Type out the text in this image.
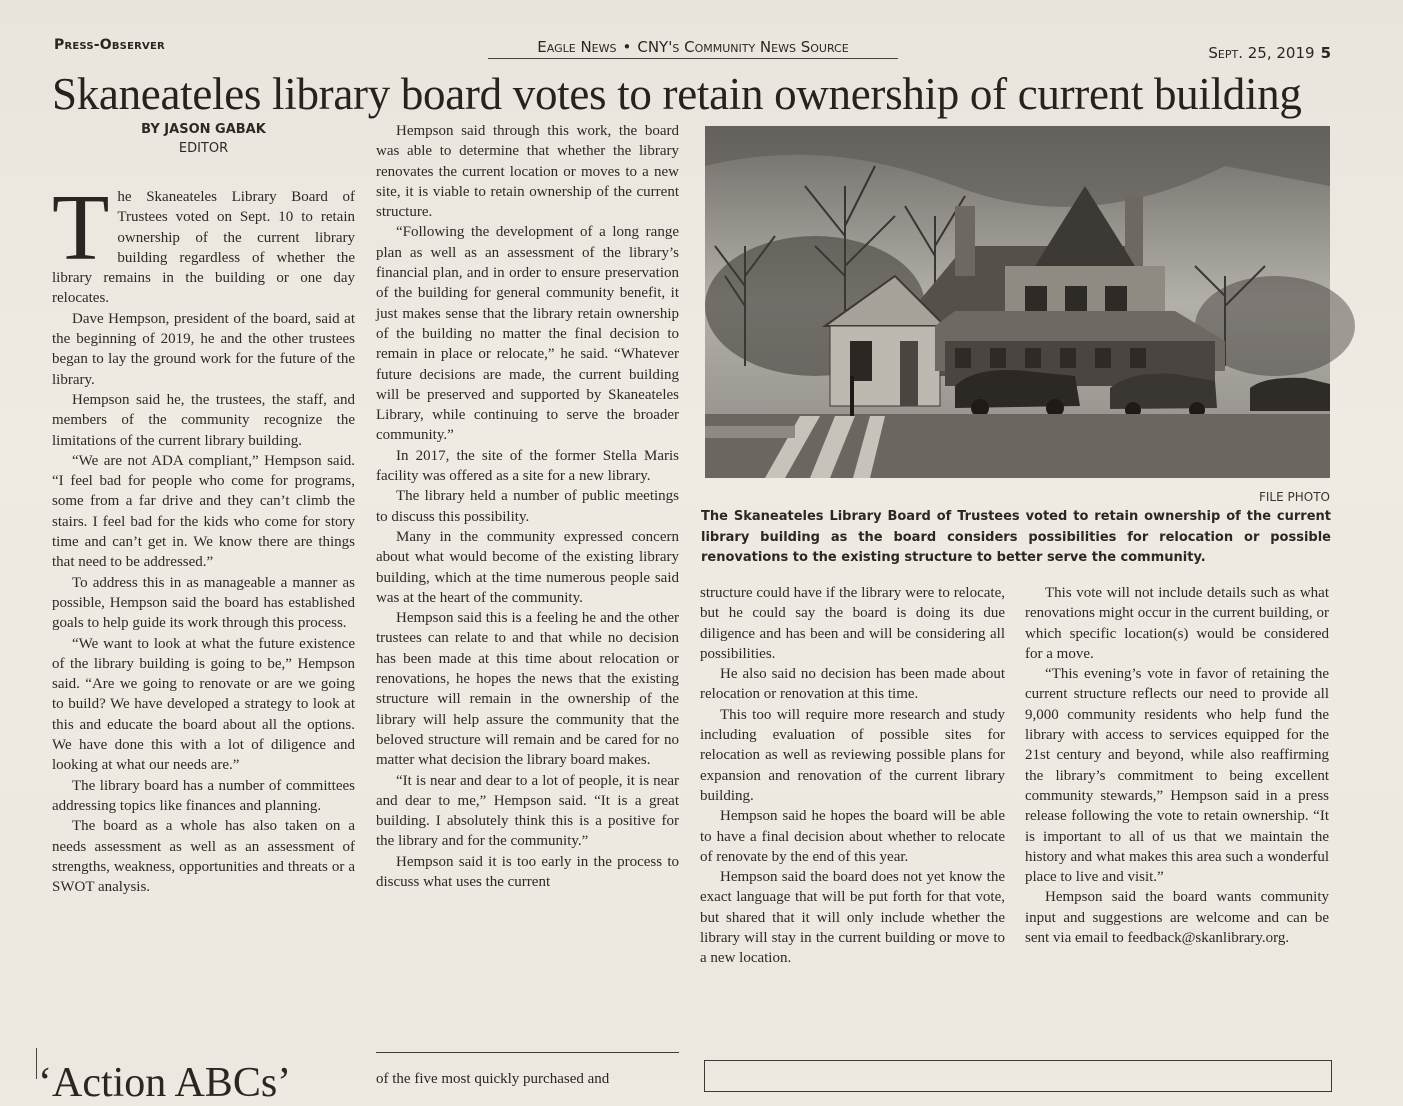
Press-Observer	Eagle News • CNY's Community News Source	Sept. 25, 2019 5
Skaneateles library board votes to retain ownership of current building
BY JASON GABAK
EDITOR

The Skaneateles Library Board of Trustees voted on Sept. 10 to retain ownership of the current library building regardless of whether the library remains in the building or one day relocates.

Dave Hempson, president of the board, said at the beginning of 2019, he and the other trustees began to lay the ground work for the future of the library.

Hempson said he, the trustees, the staff, and members of the community recognize the limitations of the current library building.

“We are not ADA compliant,” Hempson said. “I feel bad for people who come for programs, some from a far drive and they can’t climb the stairs. I feel bad for the kids who come for story time and can’t get in. We know there are things that need to be addressed.”

To address this in as manageable a manner as possible, Hempson said the board has established goals to help guide its work through this process.

“We want to look at what the future existence of the library building is going to be,” Hempson said. “Are we going to renovate or are we going to build? We have developed a strategy to look at this and educate the board about all the options. We have done this with a lot of diligence and looking at what our needs are.”

The library board has a number of committees addressing topics like finances and planning.

The board as a whole has also taken on a needs assessment as well as an assessment of strengths, weakness, opportunities and threats or a SWOT analysis.

Hempson said through this work, the board was able to determine that whether the library renovates the current location or moves to a new site, it is viable to retain ownership of the current structure.

“Following the development of a long range plan as well as an assessment of the library’s financial plan, and in order to ensure preservation of the building for general community benefit, it just makes sense that the library retain ownership of the building no matter the final decision to remain in place or relocate,” he said. “Whatever future decisions are made, the current building will be preserved and supported by Skaneateles Library, while continuing to serve the broader community.”

In 2017, the site of the former Stella Maris facility was offered as a site for a new library.

The library held a number of public meetings to discuss this possibility.

Many in the community expressed concern about what would become of the existing library building, which at the time numerous people said was at the heart of the community.

Hempson said this is a feeling he and the other trustees can relate to and that while no decision has been made at this time about relocation or renovations, he hopes the news that the existing structure will remain in the ownership of the library will help assure the community that the beloved structure will remain and be cared for no matter what decision the library board makes.

“It is near and dear to a lot of people, it is near and dear to me,” Hempson said. “It is a great building. I absolutely think this is a positive for the library and for the community.”

Hempson said it is too early in the process to discuss what uses the current

FILE PHOTO
The Skaneateles Library Board of Trustees voted to retain ownership of the current library building as the board considers possibilities for relocation or possible renovations to the existing structure to better serve the community.

structure could have if the library were to relocate, but he could say the board is doing its due diligence and has been and will be considering all possibilities.

He also said no decision has been made about relocation or renovation at this time.

This too will require more research and study including evaluation of possible sites for relocation as well as reviewing possible plans for expansion and renovation of the current library building.

Hempson said he hopes the board will be able to have a final decision about whether to relocate of renovate by the end of this year.

Hempson said the board does not yet know the exact language that will be put forth for that vote, but shared that it will only include whether the library will stay in the current building or move to a new location.

This vote will not include details such as what renovations might occur in the current building, or which specific location(s) would be considered for a move.

“This evening’s vote in favor of retaining the current structure reflects our need to provide all 9,000 community residents who help fund the library with access to services equipped for the 21st century and beyond, while also reaffirming the library’s commitment to being excellent community stewards,” Hempson said in a press release following the vote to retain ownership. “It is important to all of us that we maintain the history and what makes this area such a wonderful place to live and visit.”

Hempson said the board wants community input and suggestions are welcome and can be sent via email to feedback@skanlibrary.org.

‘Action ABCs’	of the five most quickly purchased and
